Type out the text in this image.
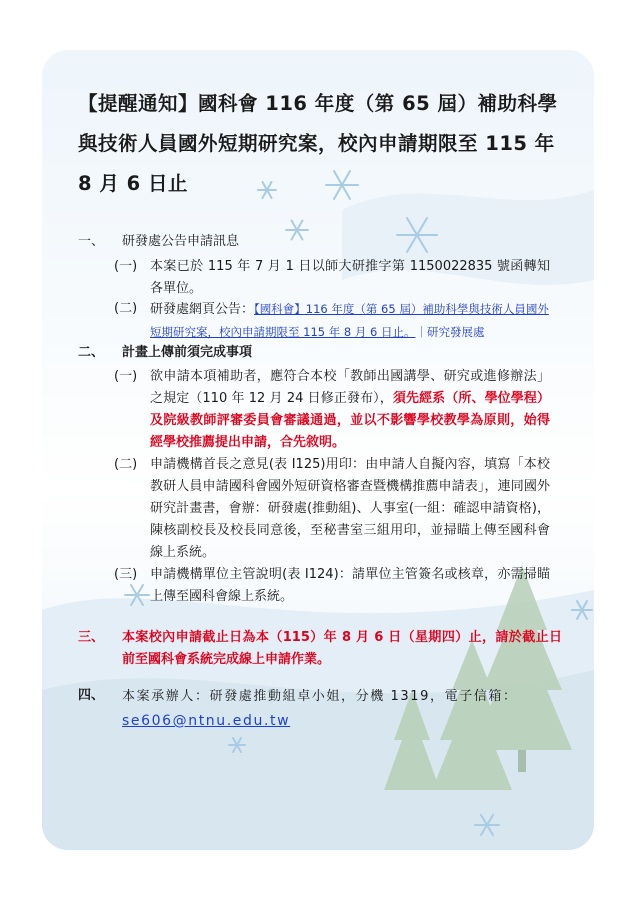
【提醒通知】國科會 116 年度（第 65 屆）補助科學與技術人員國外短期研究案，校內申請期限至 115 年 8 月 6 日止
一、 研發處公告申請訊息
(一) 本案已於 115 年 7 月 1 日以師大研推字第 1150022835 號函轉知各單位。
(二) 研發處網頁公告：【國科會】116 年度（第 65 屆）補助科學與技術人員國外短期研究案，校內申請期限至 115 年 8 月 6 日止。｜研究發展處
二、 計畫上傳前須完成事項
(一) 欲申請本項補助者，應符合本校「教師出國講學、研究或進修辦法」之規定（110 年 12 月 24 日修正發布），須先經系（所、學位學程）及院級教師評審委員會審議通過，並以不影響學校教學為原則，始得經學校推薦提出申請，合先敘明。
(二) 申請機構首長之意見(表 I125)用印：由申請人自擬內容，填寫「本校教研人員申請國科會國外短研資格審查暨機構推薦申請表」，連同國外研究計畫書，會辦：研發處(推動組)、人事室(一組：確認申請資格)，陳核副校長及校長同意後，至秘書室三組用印，並掃瞄上傳至國科會線上系統。
(三) 申請機構單位主管說明(表 I124)：請單位主管簽名或核章，亦需掃瞄上傳至國科會線上系統。
三、 本案校內申請截止日為本（115）年 8 月 6 日（星期四）止，請於截止日前至國科會系統完成線上申請作業。
四、 本案承辦人：研發處推動組卓小姐，分機 1319，電子信箱：
se606@ntnu.edu.tw
